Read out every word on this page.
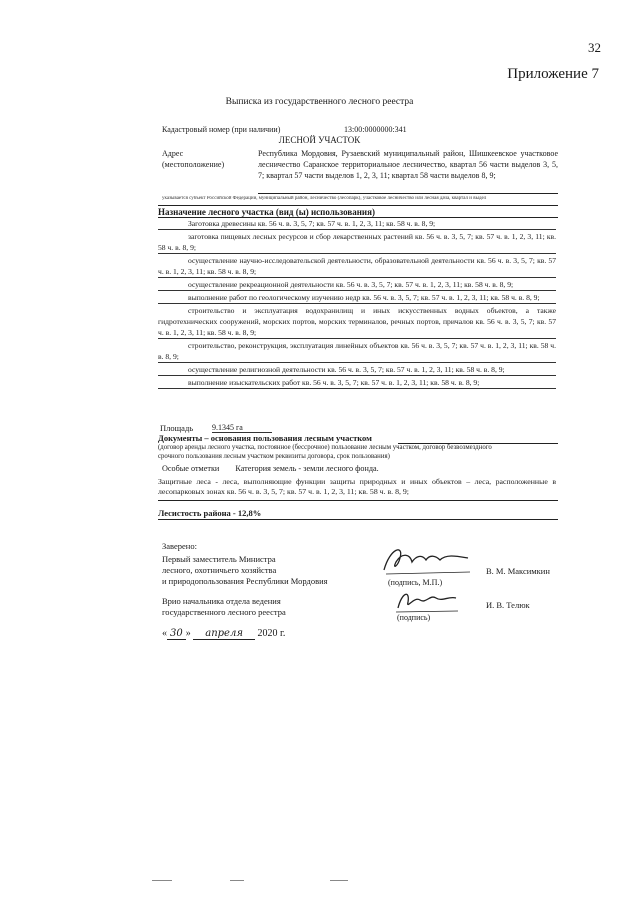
32
Приложение 7
Выписка из государственного лесного реестра
Кадастровый номер (при наличии)	13:00:0000000:341
ЛЕСНОЙ УЧАСТОК
Адрес
(местоположение)
Республика Мордовия, Рузаевский муниципальный район, Шишкеевское участковое лесничество Саранское территориальное лесничество, квартал 56 части выделов 3, 5, 7; квартал 57 части выделов 1, 2, 3, 11; квартал 58 части выделов 8, 9;
указывается субъект Российской Федерации, муниципальный район, лесничество (лесопарк), участковое лесничество или лесная дача, квартал и выдел
Назначение лесного участка (вид (ы) использования)
Заготовка древесины кв. 56 ч. в. 3, 5, 7; кв. 57 ч. в. 1, 2, 3, 11; кв. 58 ч. в. 8, 9;
заготовка пищевых лесных ресурсов и сбор лекарственных растений кв. 56 ч. в. 3, 5, 7; кв. 57 ч. в. 1, 2, 3, 11; кв. 58 ч. в. 8, 9;
осуществление научно-исследовательской деятельности, образовательной деятельности кв. 56 ч. в. 3, 5, 7; кв. 57 ч. в. 1, 2, 3, 11; кв. 58 ч. в. 8, 9;
осуществление рекреационной деятельности кв. 56 ч. в. 3, 5, 7; кв. 57 ч. в. 1, 2, 3, 11; кв. 58 ч. в. 8, 9;
выполнение работ по геологическому изучению недр кв. 56 ч. в. 3, 5, 7; кв. 57 ч. в. 1, 2, 3, 11; кв. 58 ч. в. 8, 9;
строительство и эксплуатация водохранилищ и иных искусственных водных объектов, а также гидротехнических сооружений, морских портов, морских терминалов, речных портов, причалов кв. 56 ч. в. 3, 5, 7; кв. 57 ч. в. 1, 2, 3, 11; кв. 58 ч. в. 8, 9;
строительство, реконструкция, эксплуатация линейных объектов кв. 56 ч. в. 3, 5, 7; кв. 57 ч. в. 1, 2, 3, 11; кв. 58 ч. в. 8, 9;
осуществление религиозной деятельности кв. 56 ч. в. 3, 5, 7; кв. 57 ч. в. 1, 2, 3, 11; кв. 58 ч. в. 8, 9;
выполнение изыскательских работ кв. 56 ч. в. 3, 5, 7; кв. 57 ч. в. 1, 2, 3, 11; кв. 58 ч. в. 8, 9;
Площадь 9.1345 га
Документы – основания пользования лесным участком
(договор аренды лесного участка, постоянное (бессрочное) пользование лесным участком, договор безвозмездного срочного пользования лесным участком реквизиты договора, срок пользования)
Особые отметки Категория земель - земли лесного фонда.
Защитные леса - леса, выполняющие функции защиты природных и иных объектов – леса, расположенные в лесопарковых зонах кв. 56 ч. в. 3, 5, 7; кв. 57 ч. в. 1, 2, 3, 11; кв. 58 ч. в. 8, 9;
Лесистость района - 12,8%
Заверено:
Первый заместитель Министра
лесного, охотничьего хозяйства
и природопользования Республики Мордовия	(подпись, М.П.)
В. М. Максимкин
Врио начальника отдела ведения
государственного лесного реестра
(подпись)
И. В. Телюк
« 30 » апреля 2020 г.
